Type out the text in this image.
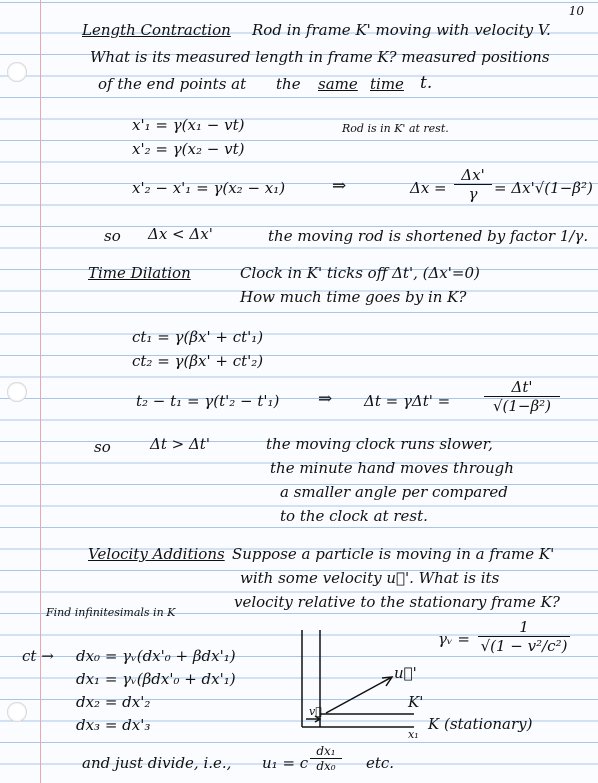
10
Length Contraction Rod in frame K' moving with velocity V.
What is its measured length in frame K? measured positions
of the end points at the same time t.
x'₁ = γ(x₁ − vt)
x'₂ = γ(x₂ − vt)
Rod is in K' at rest.
x'₂ − x'₁ = γ(x₂ − x₁)	⇒	$\Delta x = \frac{\Delta x'}{\gamma} = \Delta x'√(1-\beta^2)$
so Δx < Δx'	the moving rod is shortened by factor 1/γ.
Time Dilation	Clock in K' ticks off Δt', (Δx'=0)
How much time goes by in K?
ct₁ = γ(βx' + ct'₁)
ct₂ = γ(βx' + ct'₂)
t₂ − t₁ = γ(t'₂ − t'₁) ⇒ $\Delta t = \gamma\Delta t' = \frac{\Delta t'}{\text{√(1−β²)}}$
so	Δt > Δt'	the moving clock runs slower,
the minute hand moves through
a smaller angle per compared
to the clock at rest.
Velocity Additions Suppose a particle is moving in a frame K'
with some velocity u⃗'. What is its
velocity relative to the stationary frame K?
Find infinitesimals in K
ct → dx₀ = γᵥ(dx'₀ + βdx'₁)
dx₁ = γᵥ(βdx'₀ + dx'₁)
dx₂ = dx'₂
dx₃ = dx'₃
γᵥ = $\frac{1}{\text{√(1 − v²/c²)}}$
u⃗'
v⃗
K'
x₁
K (stationary)
and just divide, i.e., u₁ = c $\frac{\text{dx₁}}{\text{dx₀}}$ etc.
